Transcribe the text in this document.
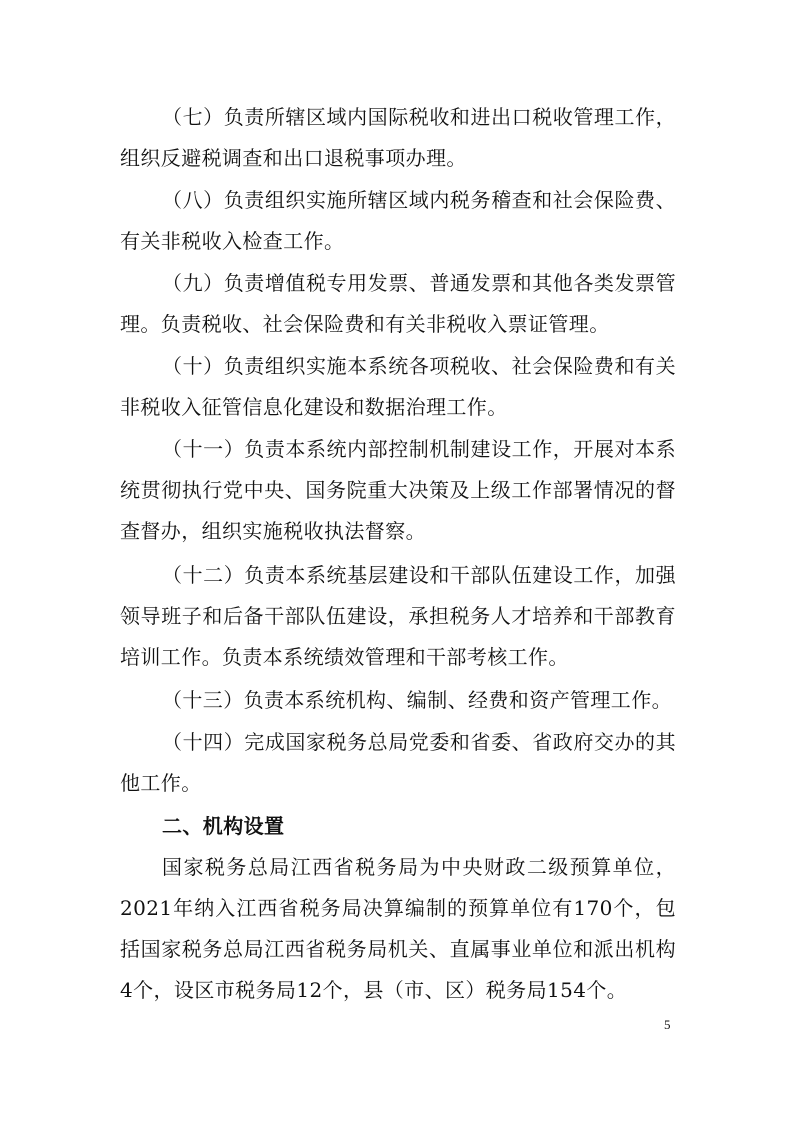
（七）负责所辖区域内国际税收和进出口税收管理工作，组织反避税调查和出口退税事项办理。

（八）负责组织实施所辖区域内税务稽查和社会保险费、有关非税收入检查工作。

（九）负责增值税专用发票、普通发票和其他各类发票管理。负责税收、社会保险费和有关非税收入票证管理。

（十）负责组织实施本系统各项税收、社会保险费和有关非税收入征管信息化建设和数据治理工作。

（十一）负责本系统内部控制机制建设工作，开展对本系统贯彻执行党中央、国务院重大决策及上级工作部署情况的督查督办，组织实施税收执法督察。

（十二）负责本系统基层建设和干部队伍建设工作，加强领导班子和后备干部队伍建设，承担税务人才培养和干部教育培训工作。负责本系统绩效管理和干部考核工作。

（十三）负责本系统机构、编制、经费和资产管理工作。

（十四）完成国家税务总局党委和省委、省政府交办的其他工作。

二、机构设置

国家税务总局江西省税务局为中央财政二级预算单位，2021年纳入江西省税务局决算编制的预算单位有170个，包括国家税务总局江西省税务局机关、直属事业单位和派出机构4个，设区市税务局12个，县（市、区）税务局154个。

5
